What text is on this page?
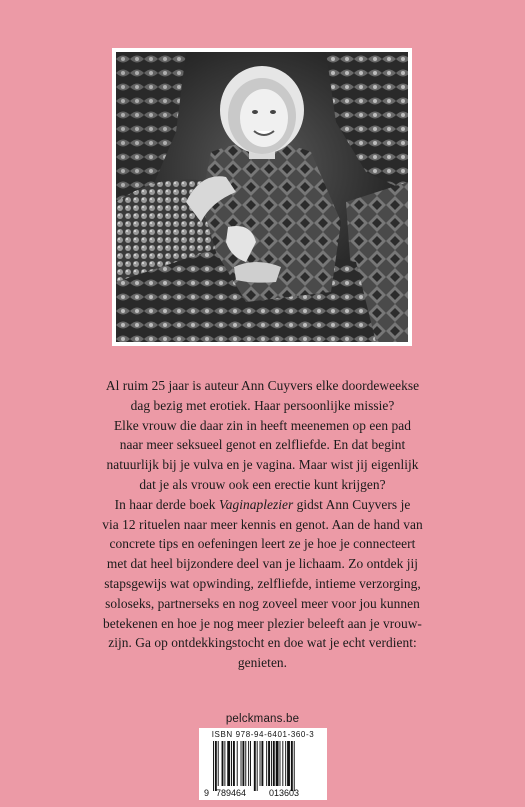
Al ruim 25 jaar is auteur Ann Cuyvers elke doordeweekse
dag bezig met erotiek. Haar persoonlijke missie?
Elke vrouw die daar zin in heeft meenemen op een pad
naar meer seksueel genot en zelfliefde. En dat begint
natuurlijk bij je vulva en je vagina. Maar wist jij eigenlijk
dat je als vrouw ook een erectie kunt krijgen?
In haar derde boek Vaginaplezier gidst Ann Cuyvers je
via 12 rituelen naar meer kennis en genot. Aan de hand van
concrete tips en oefeningen leert ze je hoe je connecteert
met dat heel bijzondere deel van je lichaam. Zo ontdek jij
stapsgewijs wat opwinding, zelfliefde, intieme verzorging,
soloseks, partnerseks en nog zoveel meer voor jou kunnen
betekenen en hoe je nog meer plezier beleeft aan je vrouw-
zijn. Ga op ontdekkingstocht en doe wat je echt verdient:
genieten.
pelckmans.be
ISBN 978-94-6401-360-3
9 789464	013603
